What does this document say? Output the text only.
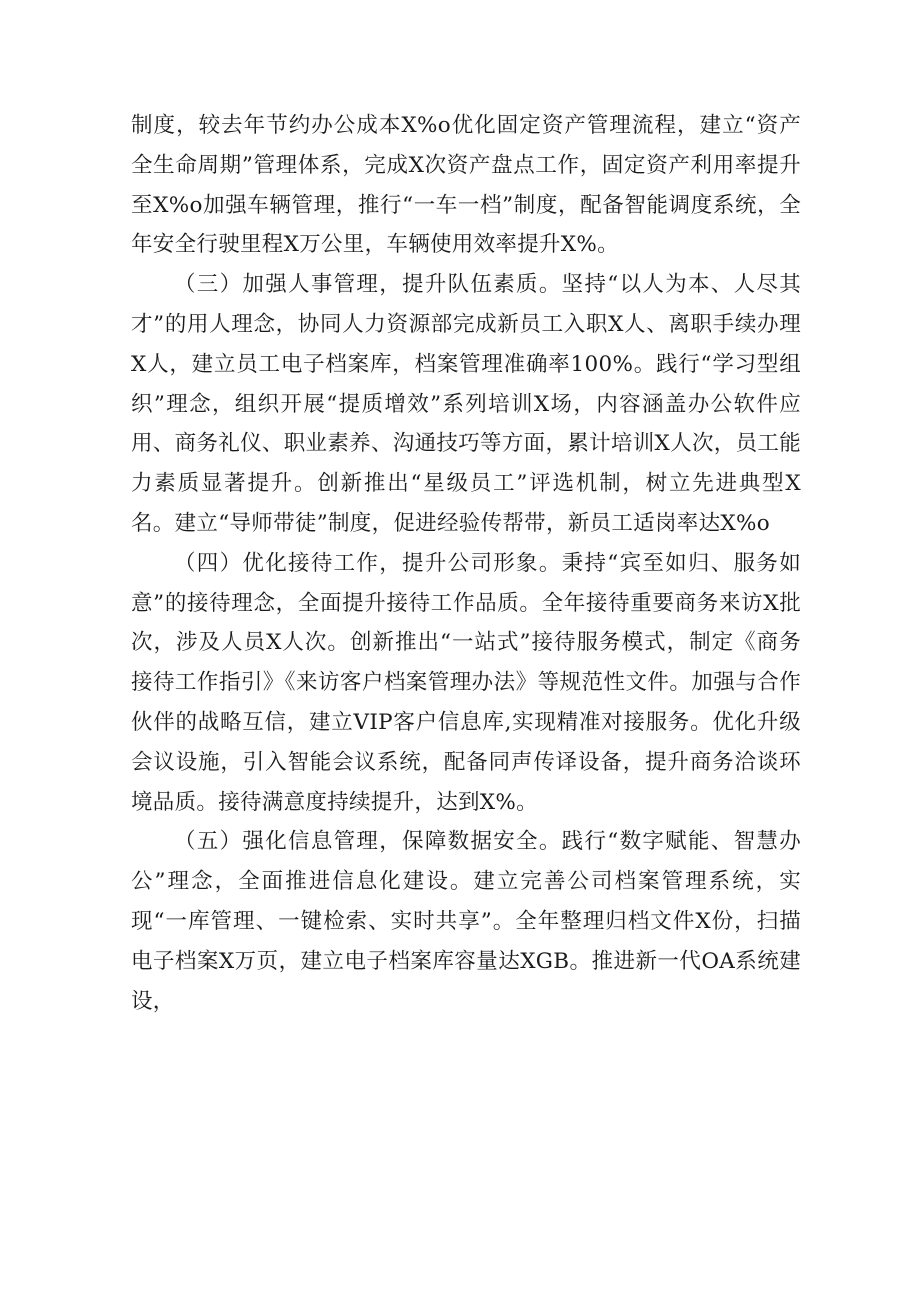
制度，较去年节约办公成本X%o优化固定资产管理流程，建立“资产全生命周期”管理体系，完成X次资产盘点工作，固定资产利用率提升至X%o加强车辆管理，推行“一车一档”制度，配备智能调度系统，全年安全行驶里程X万公里，车辆使用效率提升X%。

（三）加强人事管理，提升队伍素质。坚持“以人为本、人尽其才”的用人理念，协同人力资源部完成新员工入职X人、离职手续办理X人，建立员工电子档案库，档案管理准确率100%。践行“学习型组织”理念，组织开展“提质增效”系列培训X场，内容涵盖办公软件应用、商务礼仪、职业素养、沟通技巧等方面，累计培训X人次，员工能力素质显著提升。创新推出“星级员工”评选机制，树立先进典型X名。建立“导师带徒”制度，促进经验传帮带，新员工适岗率达X%o

（四）优化接待工作，提升公司形象。秉持“宾至如归、服务如意”的接待理念，全面提升接待工作品质。全年接待重要商务来访X批次，涉及人员X人次。创新推出“一站式”接待服务模式，制定《商务接待工作指引》《来访客户档案管理办法》等规范性文件。加强与合作伙伴的战略互信，建立VIP客户信息库,实现精准对接服务。优化升级会议设施，引入智能会议系统，配备同声传译设备，提升商务洽谈环境品质。接待满意度持续提升，达到X%。

（五）强化信息管理，保障数据安全。践行“数字赋能、智慧办公”理念，全面推进信息化建设。建立完善公司档案管理系统，实现“一库管理、一键检索、实时共享”。全年整理归档文件X份，扫描电子档案X万页，建立电子档案库容量达XGB。推进新一代OA系统建设，
